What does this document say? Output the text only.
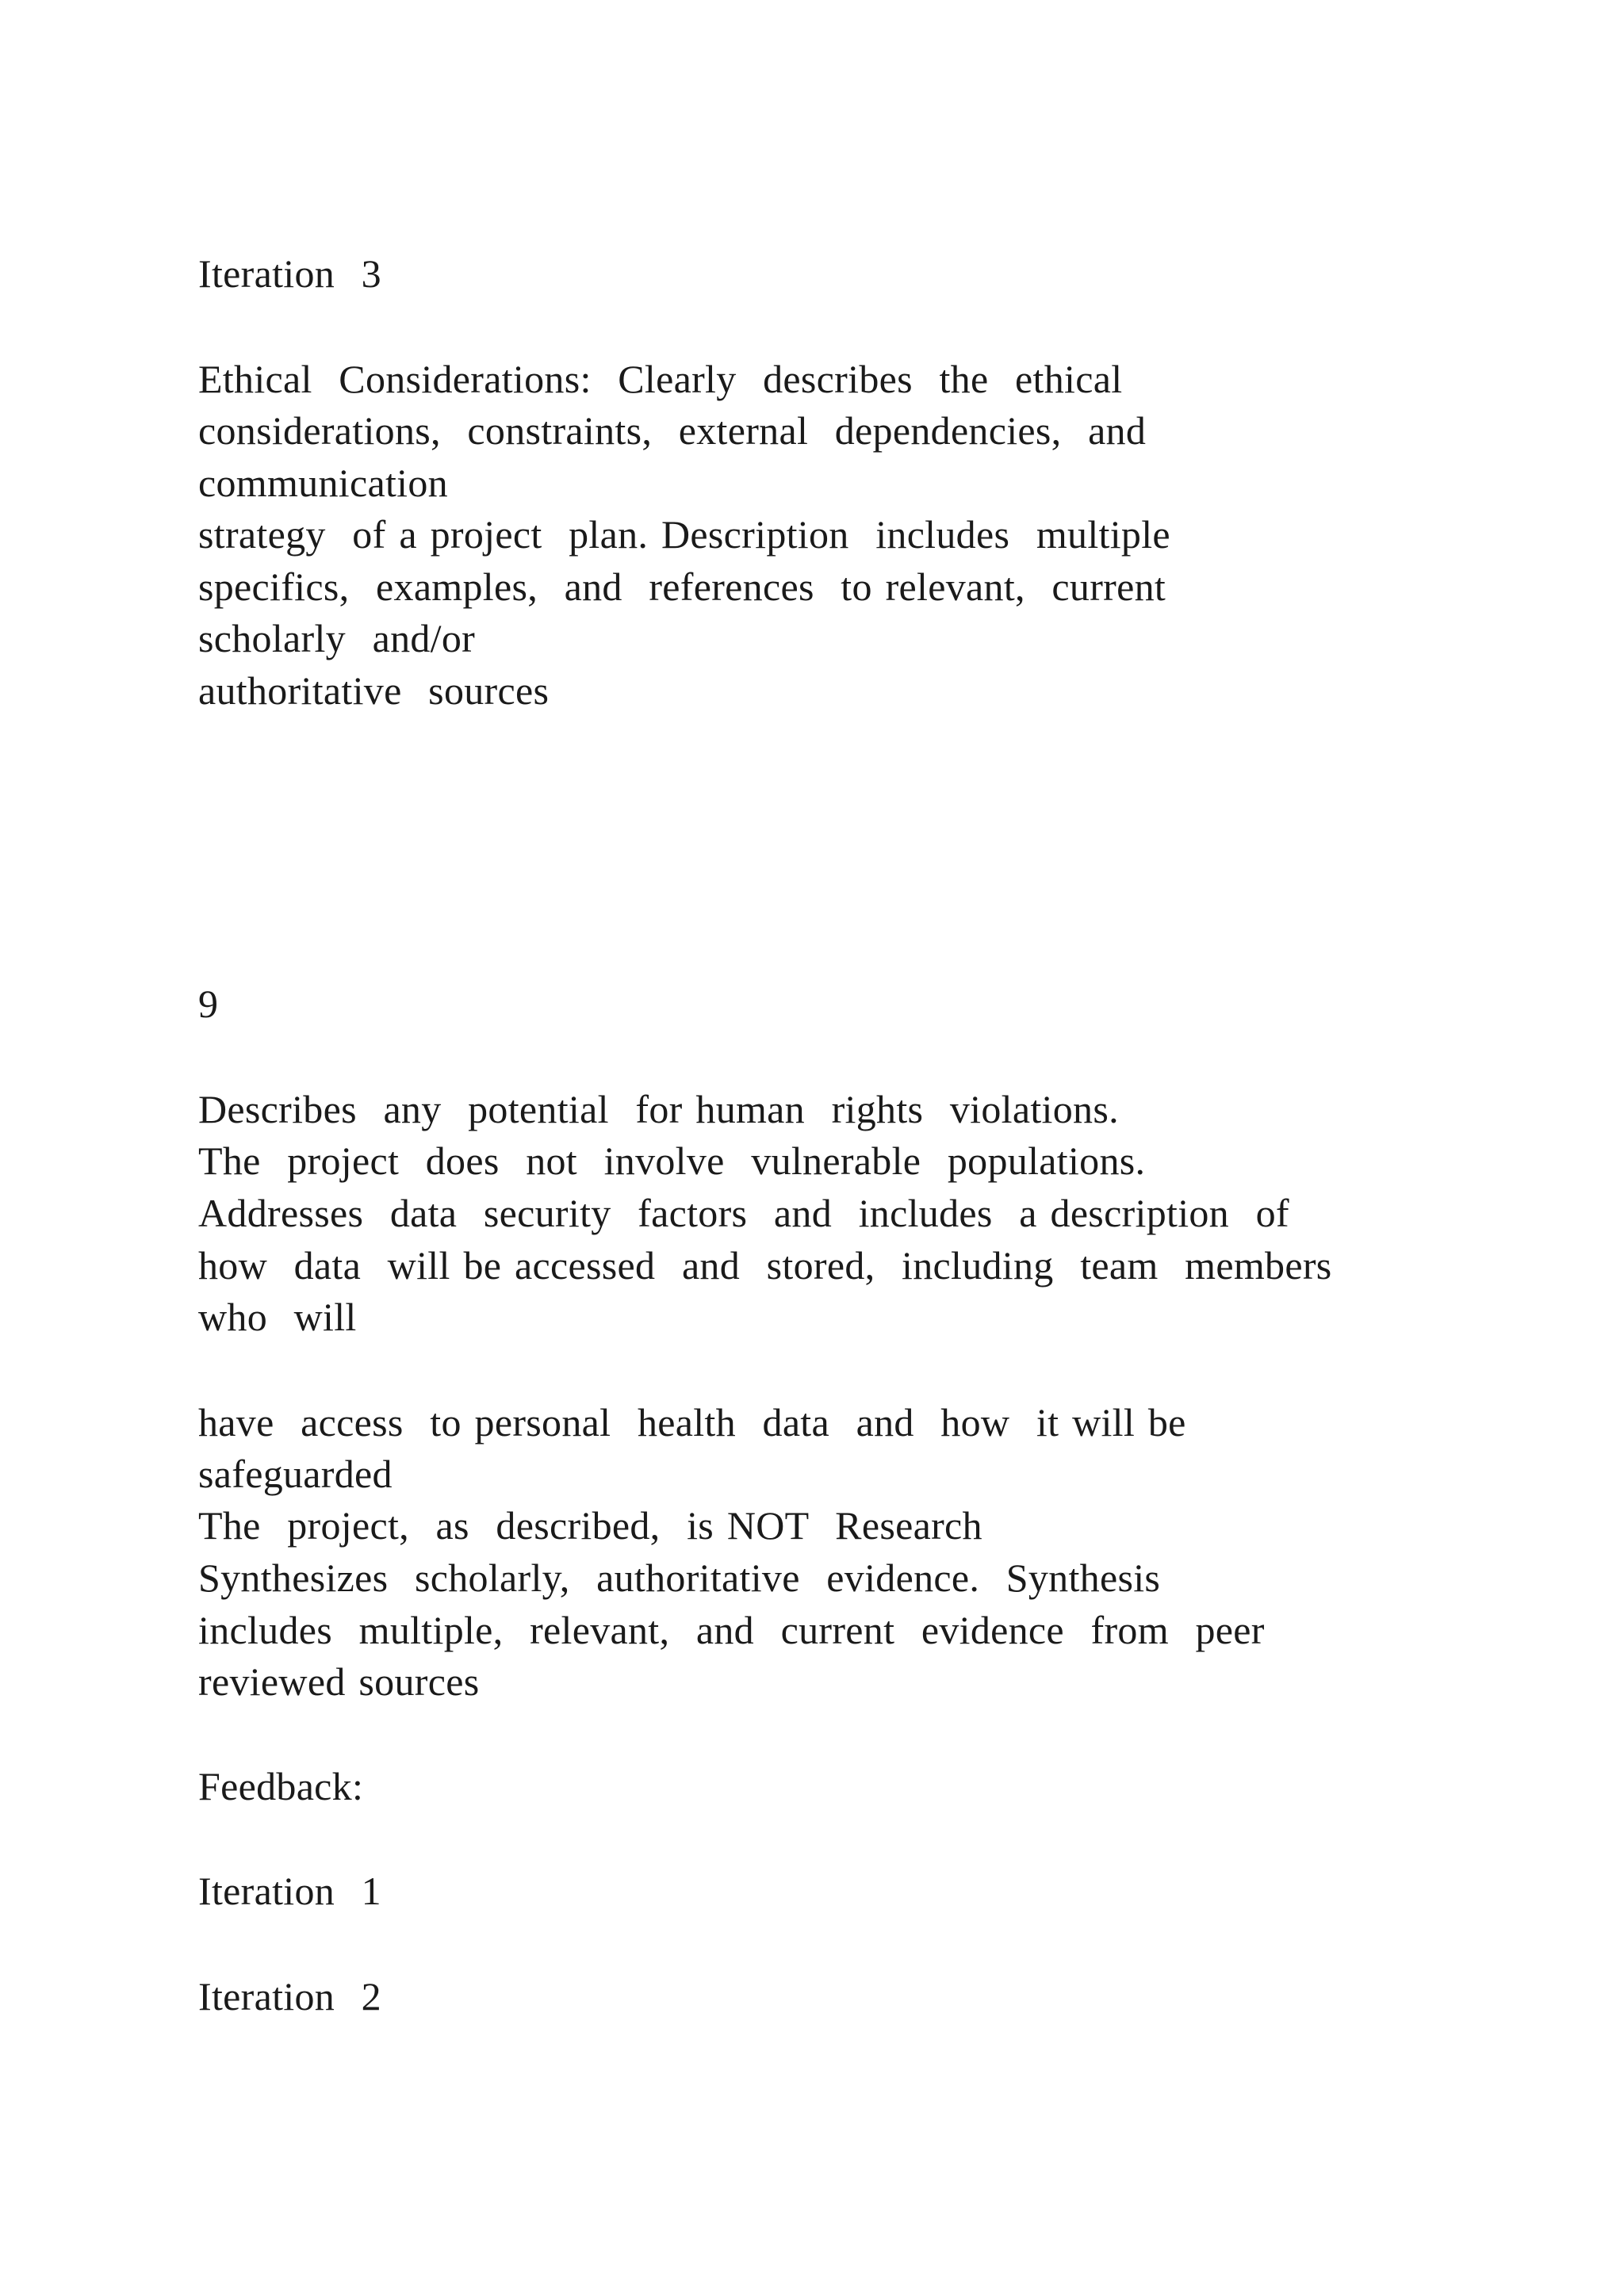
Iteration  3
Ethical  Considerations:  Clearly  describes  the  ethical
considerations,  constraints,  external  dependencies,  and
communication
strategy  of a project  plan. Description  includes  multiple
specifics,  examples,  and  references  to relevant,  current
scholarly  and/or
authoritative  sources
9
Describes  any  potential  for human  rights  violations.
The  project  does  not  involve  vulnerable  populations.
Addresses  data  security  factors  and  includes  a description  of
how  data  will be accessed  and  stored,  including  team  members
who  will
have  access  to personal  health  data  and  how  it will be
safeguarded
The  project,  as  described,  is NOT  Research
Synthesizes  scholarly,  authoritative  evidence.  Synthesis
includes  multiple,  relevant,  and  current  evidence  from  peer
reviewed sources
Feedback:
Iteration  1
Iteration  2
